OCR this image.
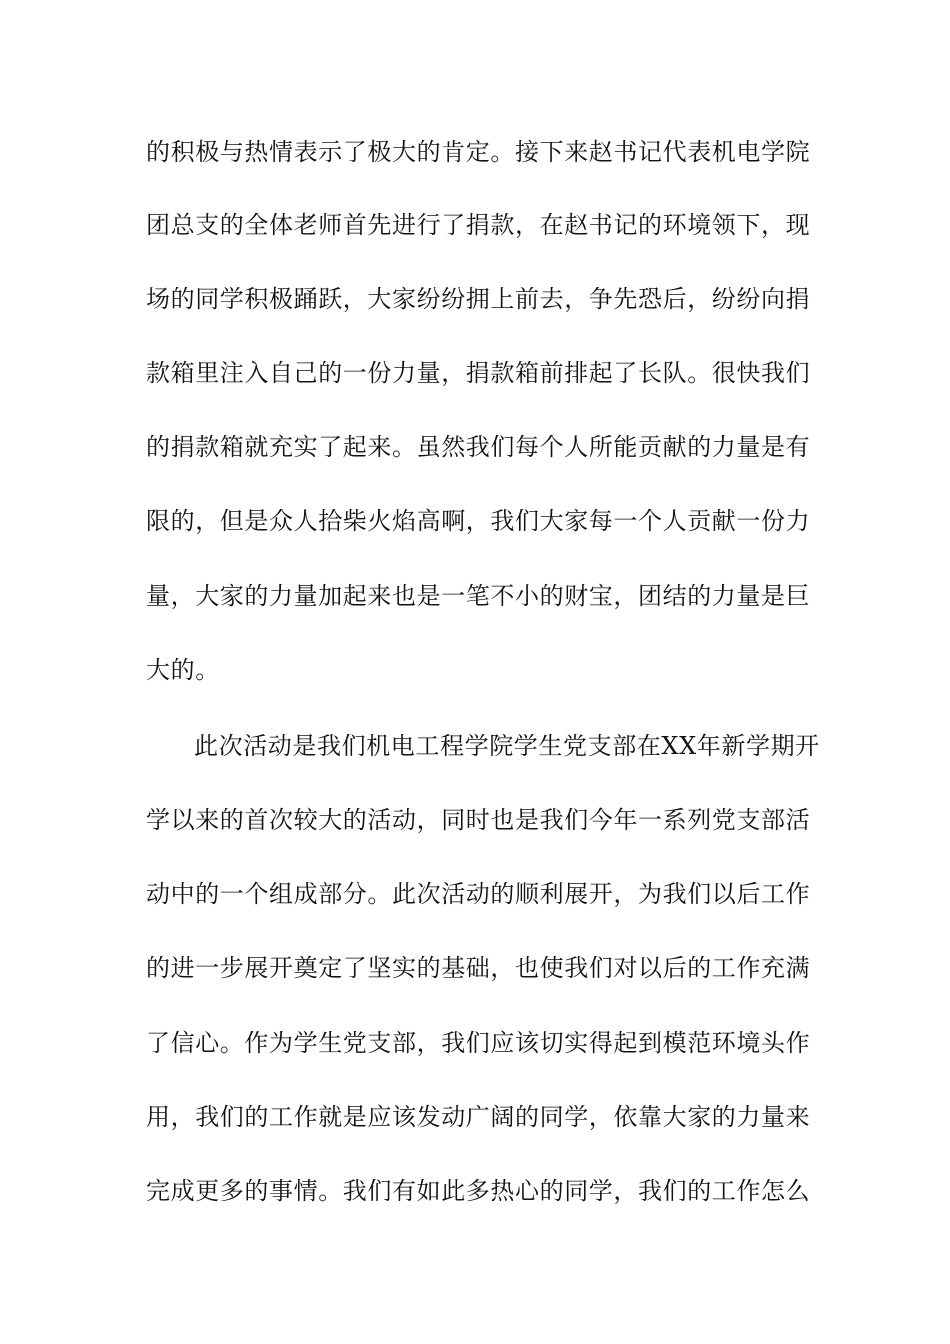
的积极与热情表示了极大的肯定。接下来赵书记代表机电学院
团总支的全体老师首先进行了捐款，在赵书记的环境领下，现
场的同学积极踊跃，大家纷纷拥上前去，争先恐后，纷纷向捐
款箱里注入自己的一份力量，捐款箱前排起了长队。很快我们
的捐款箱就充实了起来。虽然我们每个人所能贡献的力量是有
限的，但是众人拾柴火焰高啊，我们大家每一个人贡献一份力
量，大家的力量加起来也是一笔不小的财宝，团结的力量是巨
大的。
此次活动是我们机电工程学院学生党支部在XX年新学期开
学以来的首次较大的活动，同时也是我们今年一系列党支部活
动中的一个组成部分。此次活动的顺利展开，为我们以后工作
的进一步展开奠定了坚实的基础，也使我们对以后的工作充满
了信心。作为学生党支部，我们应该切实得起到模范环境头作
用，我们的工作就是应该发动广阔的同学，依靠大家的力量来
完成更多的事情。我们有如此多热心的同学，我们的工作怎么
